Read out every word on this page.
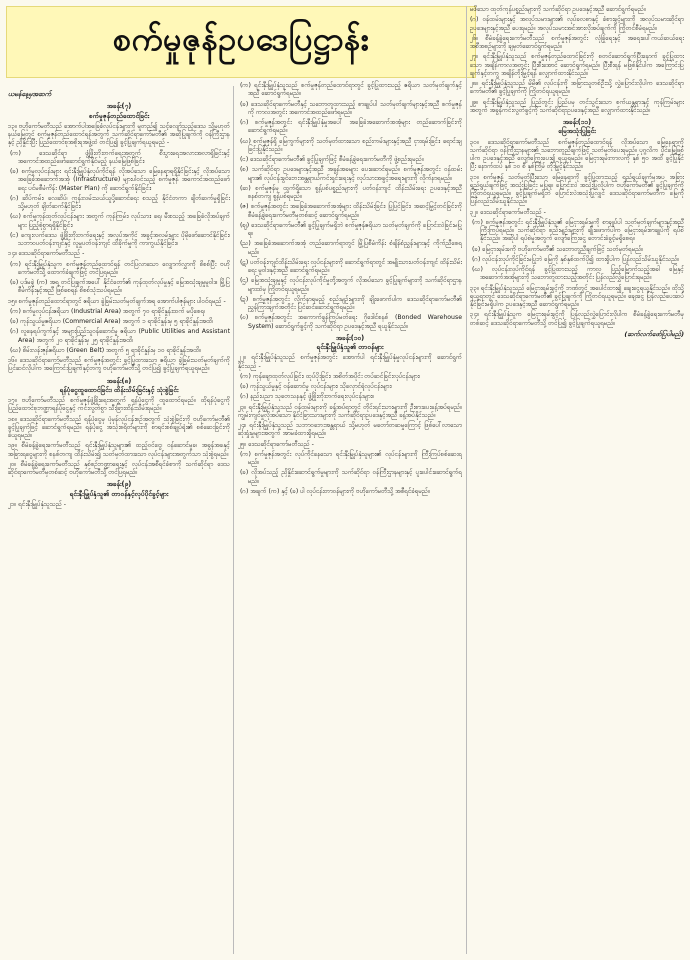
စက်မှုဇုန်ဥပဒေပြဋ္ဌာန်း
ယမန်နေ့မှအဆက်

အခန်း(၇)

စက်မှုဇုန်တည်ထောင်ခြင်း

၁၃။ ဗဟိုကော်မတီသည် အောက်ပါအခြေခံလုပ်ငန်းများကို မူတည်၍ သင့်လျော်သည့်ဒေသ သို့မဟုတ် နယ်မြေတွင် စက်မှုဇုန်တည်ထောင်ရန်အတွက် သက်ဆိုင်ရာကော်မတီ၏ အဆိုပြုချက်ကို ဝန်ကြီးဌာနနှင့် ညှိနှိုင်းပြီး ပြည်ထောင်စုအစိုးရအဖွဲ့ထံ တင်ပြ၍ ခွင့်ပြုချက်ရယူရမည် -

(က) ဒေသဆိုင်ရာ ဖွံ့ဖြိုးတိုးတက်ရေးအတွက် စီးပွားရေးအလားအလာရှိခြင်းနှင့် အကောင်အထည်ဖော်ဆောင်ရွက်နိုင်မည့် နယ်မြေဖြစ်ခြင်း၊

(ခ) စက်မှုလုပ်ငန်းများ ရင်းနှီးမြှုပ်နှံလုပ်ကိုင်ရန် လိုအပ်သော မြေနေရာရရှိနိုင်ခြင်းနှင့် လိုအပ်သော အခြေခံအဆောက်အအုံ (Infrastructure) များပါဝင်သည့် စက်မှုဇုန် အကောင်အထည်ဖော်ရေး ပင်မစီမံကိန်း (Master Plan) ကို ဆောင်ရွက်နိုင်ခြင်း၊

(ဂ) ဆိပ်ကမ်း၊ လေဆိပ်၊ ကုန်းလမ်းသယ်ယူပို့ဆောင်ရေး စသည့် နိုင်ငံတကာ ချိတ်ဆက်မှုရှိခြင်း သို့မဟုတ် ချိတ်ဆက်နိုင်ခြင်း၊

(ဃ) စက်မှုကုန်ထုတ်လုပ်ငန်းများ အတွက် ကုန်ကြမ်း၊ လုပ်သား၊ ရေ၊ မီးစသည့် အခြေခံလိုအပ်ချက်များ ပြည့်စုံစွာရရှိနိုင်ခြင်း၊

(င) ကျေးလက်ဒေသ ဖွံ့ဖြိုးတိုးတက်ရေးနှင့် အလုပ်အကိုင် အခွင့်အလမ်းများ ပိုမိုဖော်ဆောင်နိုင်ခြင်း၊ သဘာဝပတ်ဝန်းကျင်နှင့် လူမှုပတ်ဝန်းကျင် ထိခိုက်မှုကို ကာကွယ်နိုင်ခြင်း။

၁၄။ ဒေသဆိုင်ရာကော်မတီသည် -

(က) ရင်းနှီးမြှုပ်နှံသူက စက်မှုဇုန်တည်ထောင်ရန် တင်ပြလာသော လျှောက်လွှာကို စိစစ်ပြီး ဗဟိုကော်မတီသို့ ထောက်ခံချက်ဖြင့် တင်ပြရမည်။

(ခ) ပုဒ်မခွဲ (က) အရ တင်ပြချက်အပေါ် နိုင်ငံတော်၏ ကုန်ထုတ်လုပ်မှုနှင့် မြေအသုံးချမှုမူဝါဒ၊ မြို့ပြစီမံကိန်းနှင့်အညီ ဖြစ်စေရန် စိစစ်သုံးသပ်ရမည်။

၁၅။ စက်မှုဇုန်တည်ထောင်ရာတွင် ဧရိယာ ခွဲခြမ်းသတ်မှတ်ချက်အရ အောက်ပါဇုန်များ ပါဝင်ရမည် -

(က) စက်မှုလုပ်ငန်းဧရိယာ (Industrial Area) အတွက် ၇၀ ရာခိုင်နှုန်းထက် မပိုစေရ၊

(ခ) ကုန်သွယ်မှုဧရိယာ (Commercial Area) အတွက် ၁ ရာခိုင်နှုန်းမှ ၅ ရာခိုင်နှုန်းအထိ၊

(ဂ) လူနေရပ်ကွက်နှင့် အများပြည်သူဝန်ဆောင်မှု ဧရိယာ (Public Utilities and Assistant Area) အတွက် ၂၀ ရာခိုင်နှုန်းမှ ၂၅ ရာခိုင်နှုန်းအထိ၊

(ဃ) စိမ်းလန်းဇုန်ဧရိယာ (Green Belt) အတွက် ၅ ရာခိုင်နှုန်းမှ ၁၀ ရာခိုင်နှုန်းအထိ။

၁၆။ ဒေသဆိုင်ရာကော်မတီသည် စက်မှုဇုန်အတွင်း ခွင့်ပြုထားသော ဧရိယာ ခွဲခြမ်းသတ်မှတ်ချက်ကို ပြင်ဆင်လိုပါက အကြောင်းပြချက်နှင့်တကွ ဗဟိုကော်မတီသို့ တင်ပြ၍ ခွင့်ပြုချက်ရယူရမည်။

အခန်း(၈)

ရန်ပုံငွေထူထောင်ခြင်း၊ ထိန်းသိမ်းခြင်းနှင့် သုံးစွဲခြင်း

၁၇။ ဗဟိုကော်မတီသည် စက်မှုဇုန်ဖွံ့ဖြိုးရေးအတွက် ရန်ပုံငွေကို ထူထောင်ရမည်။ ထိုရန်ပုံငွေကို ပြည်ထောင်စုဘဏ္ဍာရန်ပုံငွေနှင့် ကင်းလွတ်စွာ သီးခြားထိန်းသိမ်းရမည်။

၁၈။ ဒေသဆိုင်ရာကော်မတီသည် ရန်ပုံငွေမှ ပုံမှန်လုပ်ငန်းစဉ်အတွက် သုံးစွဲခြင်းကို ဗဟိုကော်မတီ၏ ခွင့်ပြုချက်ဖြင့် ဆောင်ရွက်ရမည်။ ရန်ပုံငွေ အသုံးစရိတ်များကို စာရင်းစစ်ချုပ်ရုံး၏ စစ်ဆေးခြင်းကို ခံယူရမည်။

၁၉။ စီမံခန့်ခွဲရေးကော်မတီသည် ရင်းနှီးမြှုပ်နှံသူများ၏ ထည့်ဝင်ငွေ၊ ဝန်ဆောင်မှုခ၊ အခွန်အခနှင့် အခြားရငွေများကို စနစ်တကျ ထိန်းသိမ်း၍ သတ်မှတ်ထားသော လုပ်ငန်းများအတွက်သာ သုံးစွဲရမည်။

၂၀။ စီမံခန့်ခွဲရေးကော်မတီသည် နှစ်စဉ်ဘဏ္ဍာရေးနှင့် လုပ်ငန်းအစီရင်ခံစာကို သက်ဆိုင်ရာ ဒေသဆိုင်ရာကော်မတီမှတစ်ဆင့် ဗဟိုကော်မတီသို့ တင်ပြရမည်။

အခန်း(၉)

ရင်းနှီးမြှုပ်နှံသူ၏ တာဝန်နှင့်လုပ်ပိုင်ခွင့်များ

၂၁။ ရင်းနှီးမြှုပ်နှံသူသည် -

(က) ရင်းနှီးမြှုပ်နှံသူသည် စက်မှုဇုန်တည်ထောင်ရာတွင် ခွင့်ပြုထားသည့် ဧရိယာ သတ်မှတ်ချက်နှင့်အညီ ဆောင်ရွက်ရမည်။

(ခ) ဒေသဆိုင်ရာကော်မတီနှင့် သဘောတူထားသည့် စာချုပ်ပါ သတ်မှတ်ချက်များနှင့်အညီ စက်မှုဇုန်ကို ကာလအတွင်း အကောင်အထည်ဖော်ရမည်။

(ဂ) စက်မှုဇုန်အတွင်း ရင်းနှီးမြှုပ်နှံမှုအပေါ် အခြေခံအဆောက်အအုံများ တည်ဆောက်ခြင်းကို ဆောင်ရွက်ရမည်။

(ဃ) စက်မှုဇုန်ရှိ မြေကွက်များကို သတ်မှတ်ထားသော စည်းကမ်းများနှင့်အညီ ငှားရမ်းခြင်း၊ ရောင်းချခြင်းပြုနိုင်သည်။

(င) ဒေသဆိုင်ရာကော်မတီ၏ ခွင့်ပြုချက်ဖြင့် စီမံခန့်ခွဲရေးကော်မတီကို ဖွဲ့စည်းရမည်။

(စ) သက်ဆိုင်ရာ ဥပဒေများနှင့်အညီ အခွန်အခများ ပေးဆောင်ရမည်။ စက်မှုဇုန်အတွင်း ဝန်ထမ်းများ၏ လုပ်ငန်းခွင်ဘေးအန္တရာယ်ကင်းရှင်းရေးနှင့် လုပ်သားအခွင့်အရေးများကို လိုက်နာရမည်။

(ဆ) စက်မှုဇုန်မှ ထွက်ရှိသော စွန့်ပစ်ပစ္စည်းများကို ပတ်ဝန်းကျင် ထိန်းသိမ်းရေး ဥပဒေနှင့်အညီ စနစ်တကျ စွန့်ပစ်ရမည်။

(ဇ) စက်မှုဇုန်အတွင်း အခြေခံအဆောက်အအုံများ ထိန်းသိမ်းခြင်း၊ ပြုပြင်ခြင်း၊ အဆင့်မြှင့်တင်ခြင်းကို စီမံခန့်ခွဲရေးကော်မတီမှတစ်ဆင့် ဆောင်ရွက်ရမည်။

(ဈ) ဒေသဆိုင်ရာကော်မတီ၏ ခွင့်ပြုချက်မရှိဘဲ စက်မှုဇုန်ဧရိယာ သတ်မှတ်ချက်ကို ပြောင်းလဲခြင်းမပြုရ။

(ည) အခြေခံအဆောက်အအုံ တည်ဆောက်ရာတွင် မြို့ပြစီမံကိန်း စံချိန်စံညွှန်းများနှင့် ကိုက်ညီစေရမည်။

(ဋ) ပတ်ဝန်းကျင်ထိန်းသိမ်းရေး လုပ်ငန်းများကို ဆောင်ရွက်ရာတွင် အမျိုးသားပတ်ဝန်းကျင် ထိန်းသိမ်းရေး မူဝါဒနှင့်အညီ ဆောင်ရွက်ရမည်။

(ဌ) မြေအသုံးချမှုနှင့် လုပ်ငန်းလုပ်ကိုင်မှုတို့အတွက် လိုအပ်သော ခွင့်ပြုချက်များကို သက်ဆိုင်ရာဌာနများထံမှ ကြိုတင်ရယူရမည်။

(ဍ) စက်မှုဇုန်အတွင်း လိုက်နာရမည့် စည်းမျဉ်းများကို ချိုးဖောက်ပါက ဒေသဆိုင်ရာကော်မတီ၏ ညွှန်ကြားချက်အတိုင်း ပြင်ဆင်ဆောင်ရွက်ရမည်။

(ဎ) စက်မှုဇုန်အတွင်း အကောက်ခွန်ကြပ်မတ်ရေး ဂိုဒေါင်စနစ် (Bonded Warehouse System) ဆောင်ရွက်ခွင့်ကို သက်ဆိုင်ရာ ဥပဒေနှင့်အညီ ရယူနိုင်သည်။

အခန်း(၁၀)

ရင်းနှီးမြှုပ်နှံသူ၏ တာဝန်များ

၂၂။ ရင်းနှီးမြှုပ်နှံသူသည် စက်မှုဇုန်အတွင်း အောက်ပါ ရင်းနှီးမြှုပ်နှံမှုလုပ်ငန်းများကို ဆောင်ရွက်နိုင်သည် -

(က) ကုန်ချောထုတ်လုပ်ခြင်း၊ ထုပ်ပိုးခြင်း၊ အစိတ်အပိုင်း တပ်ဆင်ခြင်းလုပ်ငန်းများ၊

(ခ) ကုန်သွယ်မှုနှင့် ဝန်ဆောင်မှု လုပ်ငန်းများ၊ သိုလှောင်ရုံလုပ်ငန်းများ၊

(ဂ) နည်းပညာ သုတေသနနှင့် ဖွံ့ဖြိုးတိုးတက်ရေးလုပ်ငန်းများ။

၂၃။ ရင်းနှီးမြှုပ်နှံသူသည် ဝန်ထမ်းများကို ခန့်အပ်ရာတွင် တိုင်းရင်းသားများကို ဦးစားပေးခန့်အပ်ရမည်။ ကျွမ်းကျင်မှုလိုအပ်သော နိုင်ငံခြားသားများကို သက်ဆိုင်ရာဥပဒေနှင့်အညီ ခန့်အပ်နိုင်သည်။

၂၄။ ရင်းနှီးမြှုပ်နှံသူသည် သဘာဝဘေးအန္တရာယ် သို့မဟုတ် မတော်တဆမှုကြောင့် ဖြစ်ပေါ်လာသော ဆုံးရှုံးမှုများအတွက် အာမခံထားရှိရမည်။

၂၅။ ဒေသဆိုင်ရာကော်မတီသည် -

(က) စက်မှုဇုန်အတွင်း လုပ်ကိုင်နေသော ရင်းနှီးမြှုပ်နှံသူများ၏ လုပ်ငန်းများကို ကြီးကြပ်စစ်ဆေးရမည်။

(ခ) လိုအပ်သည့် ညှိနှိုင်းဆောင်ရွက်မှုများကို သက်ဆိုင်ရာ ဝန်ကြီးဌာနများနှင့် ပူးပေါင်းဆောင်ရွက်ရမည်။

(ဂ) အချက် (က) နှင့် (ခ) ပါ လုပ်ငန်းတာဝန်များကို ဗဟိုကော်မတီသို့ အစီရင်ခံရမည်။

မဖိသော ထုတ်ကုန်ပစ္စည်းများကို သက်ဆိုင်ရာ ဥပဒေနှင့်အညီ ဆောင်ရွက်ရမည်။

(ဂ) ဝန်ထမ်းများနှင့် အလုပ်သမားများ၏ လုပ်ခလစာနှင့် ခံစားခွင့်များကို အလုပ်သမားဆိုင်ရာ ဥပဒေများနှင့်အညီ ပေးရမည်။ အလုပ်သမားအင်အားလိုအပ်ချက်ကို ကြိုတင်စီမံရမည်။

၂၆။ စီမံခန့်ခွဲရေးကော်မတီသည် စက်မှုဇုန်အတွင်း လုံခြုံရေးနှင့် အရေးပေါ်ကယ်ဆယ်ရေး အစီအစဉ်များကို ချမှတ်ဆောင်ရွက်ရမည်။

၂၇။ ရင်းနှီးမြှုပ်နှံသူသည် စက်မှုဇုန်တည်ထောင်ခြင်းကို စတင်ဆောင်ရွက်ပြီးနောက် ခွင့်ပြုထားသော အချိန်ကာလအတွင်း ပြီးစီးအောင် ဆောင်ရွက်ရမည်။ ပြီးစီးရန် မဖြစ်နိုင်ပါက အကြောင်းပြချက်နှင့်တကွ အချိန်တိုးမြှင့်ရန် လျှောက်ထားနိုင်သည်။

၂၈။ ရင်းနှီးမြှုပ်နှံသူသည် မိမိ၏ လုပ်ငန်းကို အခြားသူတစ်ဦးသို့ လွှဲပြောင်းလိုပါက ဒေသဆိုင်ရာကော်မတီ၏ ခွင့်ပြုချက်ကို ကြိုတင်ရယူရမည်။

၂၉။ ရင်းနှီးမြှုပ်နှံသူသည် ပြည်တွင်း ပြည်ပမှ တင်သွင်းသော စက်ယန္တရားနှင့် ကုန်ကြမ်းများအတွက် အခွန်ကင်းလွတ်ခွင့်ကို သက်ဆိုင်ရာဥပဒေနှင့်အညီ လျှောက်ထားနိုင်သည်။

အခန်း(၁၁)

မြေအသုံးပြုခြင်း

၃၀။ ဒေသဆိုင်ရာကော်မတီသည် စက်မှုဇုန်တည်ထောင်ရန် လိုအပ်သော မြေနေရာကို သက်ဆိုင်ရာ ဝန်ကြီးဌာနများ၏ သဘောတူညီချက်ဖြင့် သတ်မှတ်ပေးရမည်။ ပုဂ္ဂလိက ပိုင်မြေဖြစ်ပါက ဥပဒေနှင့်အညီ လျော်ကြေးပေး၍ ရယူရမည်။ မြေငှားရမ်းကာလကို နှစ် ၅၀ အထိ ခွင့်ပြုနိုင်ပြီး နောက်ထပ် နှစ် ၁၀ စီ နှစ်ကြိမ် တိုးမြှင့်နိုင်သည်။

၃၁။ စက်မှုဇုန် သတ်မှတ်ပြီးသော မြေနေရာကို ခွင့်ပြုထားသည့် ရည်ရွယ်ချက်မှအပ အခြားရည်ရွယ်ချက်ဖြင့် အသုံးပြုခြင်း မပြုရ။ ပြောင်းလဲ အသုံးပြုလိုပါက ဗဟိုကော်မတီ၏ ခွင့်ပြုချက်ကို ကြိုတင်ရယူရမည်။ ခွင့်ပြုချက်မရှိဘဲ ပြောင်းလဲအသုံးပြုလျှင် ဒေသဆိုင်ရာကော်မတီက မြေကို ပြန်လည်သိမ်းယူနိုင်သည်။

၃၂။ ဒေသဆိုင်ရာကော်မတီသည် -

(က) စက်မှုဇုန်အတွင်း ရင်းနှီးမြှုပ်နှံသူ၏ မြေငှားရမ်းမှုကို စာချုပ်ပါ သတ်မှတ်ချက်များနှင့်အညီ ကြီးကြပ်ရမည်။ သက်ဆိုင်ရာ စည်းမျဉ်းများကို ချိုးဖောက်ပါက မြေငှားရမ်းစာချုပ်ကို ရပ်စဲနိုင်သည်။ အဆိုပါ ရပ်စဲမှုအတွက် လျော်ကြေးငွေ တောင်းခံခွင့်မရှိစေရ။

(ခ) မြေငှားရမ်းခကို ဗဟိုကော်မတီ၏ သဘောတူညီချက်ဖြင့် သတ်မှတ်ရမည်။

(ဂ) လုပ်ငန်းလုပ်ကိုင်ခြင်းမပြုဘဲ မြေကို နှစ်နှစ်ထက်ပို၍ ထားရှိပါက ပြန်လည်သိမ်းယူနိုင်သည်။

(ဃ) လုပ်ငန်းလုပ်ကိုင်ရန် ခွင့်ပြုထားသည့် ကာလ ပြည့်မြောက်သည့်အခါ မြေနှင့် အဆောက်အအုံများကို သဘောတူထားသည့်အတိုင်း ပြန်လည်လွှဲပြောင်းရမည်။

၃၃။ ရင်းနှီးမြှုပ်နှံသူသည် မြေငှားရမ်းခွင့်ကို ဘဏ်တွင် အပေါင်ထား၍ ချေးငွေရယူနိုင်သည်။ ထိုသို့ရယူရာတွင် ဒေသဆိုင်ရာကော်မတီ၏ ခွင့်ပြုချက်ကို ကြိုတင်ရယူရမည်။ ချေးငွေ ပြန်လည်ပေးဆပ်နိုင်ခြင်းမရှိပါက ဥပဒေနှင့်အညီ ဆောင်ရွက်ရမည်။

၃၄။ ရင်းနှီးမြှုပ်နှံသူက မြေငှားရမ်းခွင့်ကို ပြန်လည်လွှဲပြောင်းလိုပါက စီမံခန့်ခွဲရေးကော်မတီမှတစ်ဆင့် ဒေသဆိုင်ရာကော်မတီသို့ တင်ပြ၍ ခွင့်ပြုချက်ရယူရမည်။

(ဆက်လက်ဖော်ပြပါမည်)
